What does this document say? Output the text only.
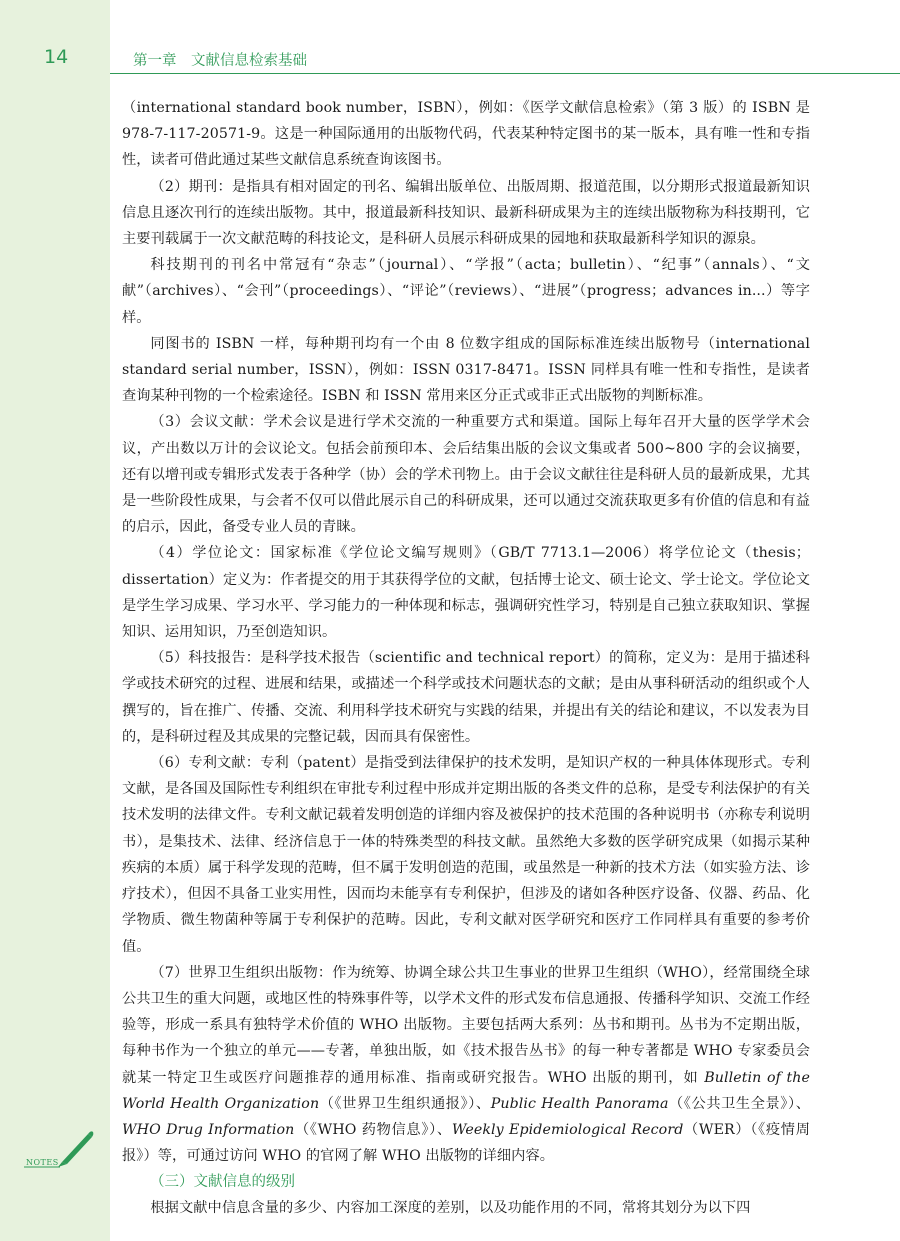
14	第一章　文献信息检索基础

（international standard book number，ISBN），例如：《医学文献信息检索》（第 3 版）的 ISBN 是 978-7-117-20571-9。这是一种国际通用的出版物代码，代表某种特定图书的某一版本，具有唯一性和专指性，读者可借此通过某些文献信息系统查询该图书。

（2）期刊：是指具有相对固定的刊名、编辑出版单位、出版周期、报道范围，以分期形式报道最新知识信息且逐次刊行的连续出版物。其中，报道最新科技知识、最新科研成果为主的连续出版物称为科技期刊，它主要刊载属于一次文献范畴的科技论文，是科研人员展示科研成果的园地和获取最新科学知识的源泉。

科技期刊的刊名中常冠有“杂志”（journal）、“学报”（acta；bulletin）、“纪事”（annals）、“文献”（archives）、“会刊”（proceedings）、“评论”（reviews）、“进展”（progress；advances in...）等字样。

同图书的 ISBN 一样，每种期刊均有一个由 8 位数字组成的国际标准连续出版物号（international standard serial number，ISSN），例如：ISSN 0317-8471。ISSN 同样具有唯一性和专指性，是读者查询某种刊物的一个检索途径。ISBN 和 ISSN 常用来区分正式或非正式出版物的判断标准。

（3）会议文献：学术会议是进行学术交流的一种重要方式和渠道。国际上每年召开大量的医学学术会议，产出数以万计的会议论文。包括会前预印本、会后结集出版的会议文集或者 500~800 字的会议摘要，还有以增刊或专辑形式发表于各种学（协）会的学术刊物上。由于会议文献往往是科研人员的最新成果，尤其是一些阶段性成果，与会者不仅可以借此展示自己的科研成果，还可以通过交流获取更多有价值的信息和有益的启示，因此，备受专业人员的青睐。

（4）学位论文：国家标准《学位论文编写规则》（GB/T 7713.1—2006）将学位论文（thesis；dissertation）定义为：作者提交的用于其获得学位的文献，包括博士论文、硕士论文、学士论文。学位论文是学生学习成果、学习水平、学习能力的一种体现和标志，强调研究性学习，特别是自己独立获取知识、掌握知识、运用知识，乃至创造知识。

（5）科技报告：是科学技术报告（scientific and technical report）的简称，定义为：是用于描述科学或技术研究的过程、进展和结果，或描述一个科学或技术问题状态的文献；是由从事科研活动的组织或个人撰写的，旨在推广、传播、交流、利用科学技术研究与实践的结果，并提出有关的结论和建议，不以发表为目的，是科研过程及其成果的完整记载，因而具有保密性。

（6）专利文献：专利（patent）是指受到法律保护的技术发明，是知识产权的一种具体体现形式。专利文献，是各国及国际性专利组织在审批专利过程中形成并定期出版的各类文件的总称，是受专利法保护的有关技术发明的法律文件。专利文献记载着发明创造的详细内容及被保护的技术范围的各种说明书（亦称专利说明书），是集技术、法律、经济信息于一体的特殊类型的科技文献。虽然绝大多数的医学研究成果（如揭示某种疾病的本质）属于科学发现的范畴，但不属于发明创造的范围，或虽然是一种新的技术方法（如实验方法、诊疗技术），但因不具备工业实用性，因而均未能享有专利保护，但涉及的诸如各种医疗设备、仪器、药品、化学物质、微生物菌种等属于专利保护的范畴。因此，专利文献对医学研究和医疗工作同样具有重要的参考价值。

（7）世界卫生组织出版物：作为统筹、协调全球公共卫生事业的世界卫生组织（WHO），经常围绕全球公共卫生的重大问题，或地区性的特殊事件等，以学术文件的形式发布信息通报、传播科学知识、交流工作经验等，形成一系具有独特学术价值的 WHO 出版物。主要包括两大系列：丛书和期刊。丛书为不定期出版，每种书作为一个独立的单元——专著，单独出版，如《技术报告丛书》的每一种专著都是 WHO 专家委员会就某一特定卫生或医疗问题推荐的通用标准、指南或研究报告。WHO 出版的期刊，如 Bulletin of the World Health Organization（《世界卫生组织通报》）、Public Health Panorama（《公共卫生全景》）、WHO Drug Information（《WHO 药物信息》）、Weekly Epidemiological Record（WER）（《疫情周报》）等，可通过访问 WHO 的官网了解 WHO 出版物的详细内容。

（三）文献信息的级别

根据文献中信息含量的多少、内容加工深度的差别，以及功能作用的不同，常将其划分为以下四

NOTES
